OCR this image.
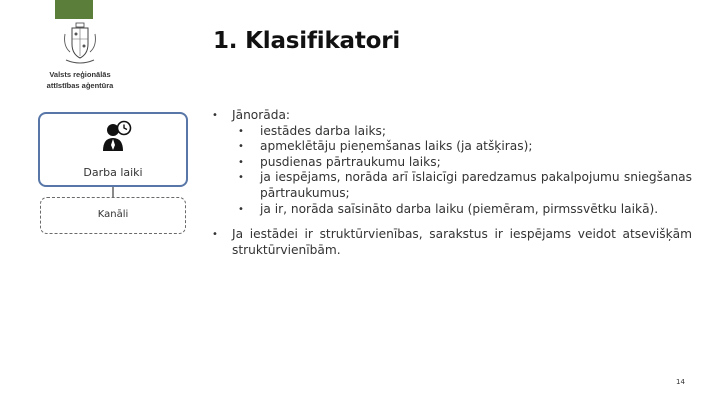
Valsts reģionālās
attīstības aģentūra
1. Klasifikatori
Darba laiki
Kanāli
• Jānorāda:
• iestādes darba laiks;
• apmeklētāju pieņemšanas laiks (ja atšķiras);
• pusdienas pārtraukumu laiks;
• ja iespējams, norāda arī īslaicīgi paredzamus pakalpojumu sniegšanas pārtraukumus;
• ja ir, norāda saīsināto darba laiku (piemēram, pirmssvētku laikā).
• Ja iestādei ir struktūrvienības, sarakstus ir iespējams veidot atsevišķām struktūrvienībām.
14
